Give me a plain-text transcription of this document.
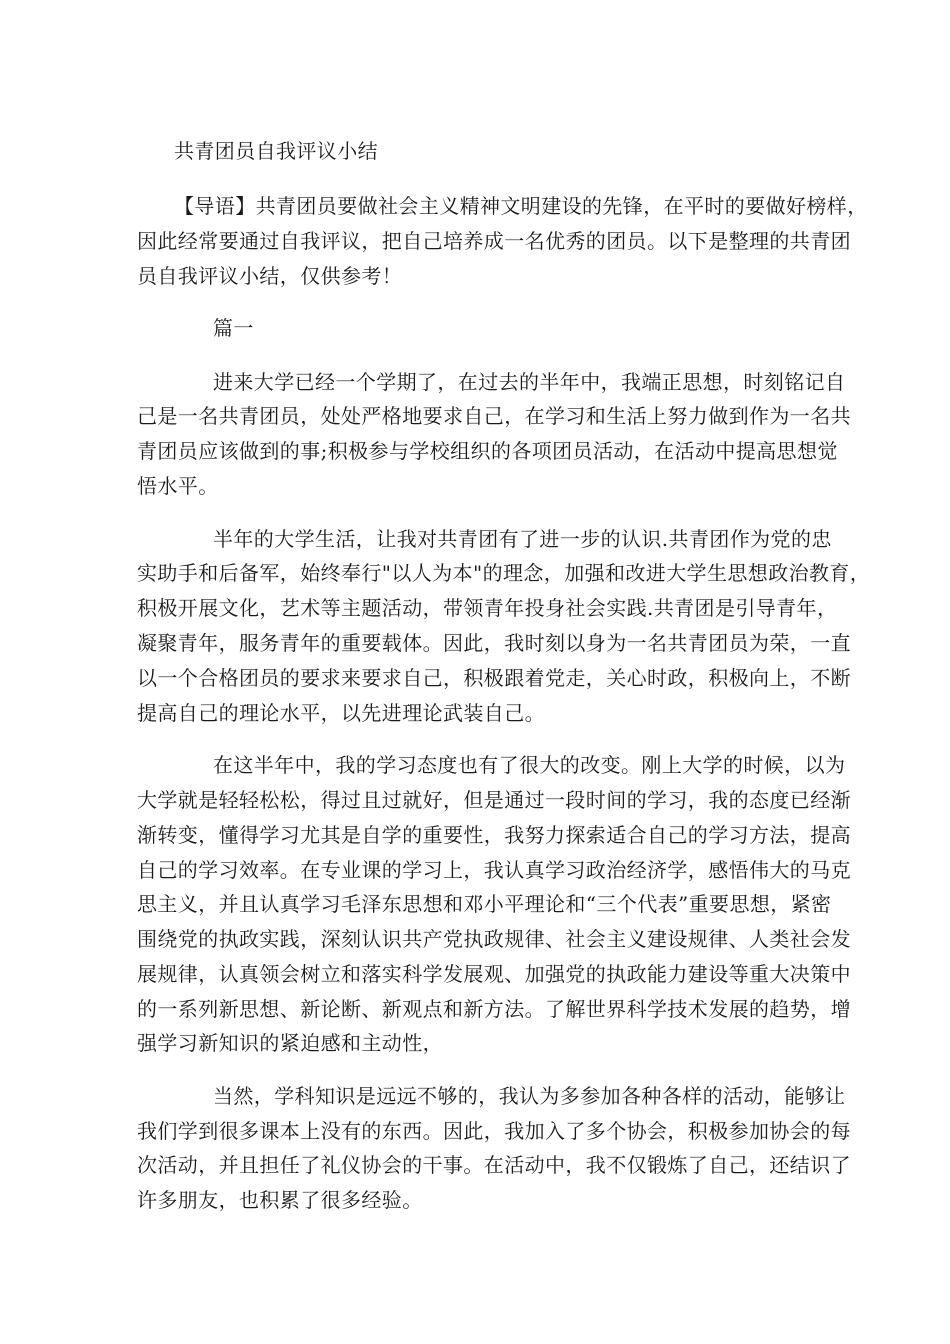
共青团员自我评议小结

【导语】共青团员要做社会主义精神文明建设的先锋，在平时的要做好榜样，

因此经常要通过自我评议，把自己培养成一名优秀的团员。以下是整理的共青团

员自我评议小结，仅供参考！

篇一

进来大学已经一个学期了，在过去的半年中，我端正思想，时刻铭记自

己是一名共青团员，处处严格地要求自己，在学习和生活上努力做到作为一名共

青团员应该做到的事;积极参与学校组织的各项团员活动，在活动中提高思想觉

悟水平。

半年的大学生活，让我对共青团有了进一步的认识.共青团作为党的忠

实助手和后备军，始终奉行"以人为本"的理念，加强和改进大学生思想政治教育，

积极开展文化，艺术等主题活动，带领青年投身社会实践.共青团是引导青年，

凝聚青年，服务青年的重要载体。因此，我时刻以身为一名共青团员为荣，一直

以一个合格团员的要求来要求自己，积极跟着党走，关心时政，积极向上，不断

提高自己的理论水平，以先进理论武装自己。

在这半年中，我的学习态度也有了很大的改变。刚上大学的时候，以为

大学就是轻轻松松，得过且过就好，但是通过一段时间的学习，我的态度已经渐

渐转变，懂得学习尤其是自学的重要性，我努力探索适合自己的学习方法，提高

自己的学习效率。在专业课的学习上，我认真学习政治经济学，感悟伟大的马克

思主义，并且认真学习毛泽东思想和邓小平理论和“三个代表”重要思想，紧密

围绕党的执政实践，深刻认识共产党执政规律、社会主义建设规律、人类社会发

展规律，认真领会树立和落实科学发展观、加强党的执政能力建设等重大决策中

的一系列新思想、新论断、新观点和新方法。了解世界科学技术发展的趋势，增

强学习新知识的紧迫感和主动性，

当然，学科知识是远远不够的，我认为多参加各种各样的活动，能够让

我们学到很多课本上没有的东西。因此，我加入了多个协会，积极参加协会的每

次活动，并且担任了礼仪协会的干事。在活动中，我不仅锻炼了自己，还结识了

许多朋友，也积累了很多经验。
